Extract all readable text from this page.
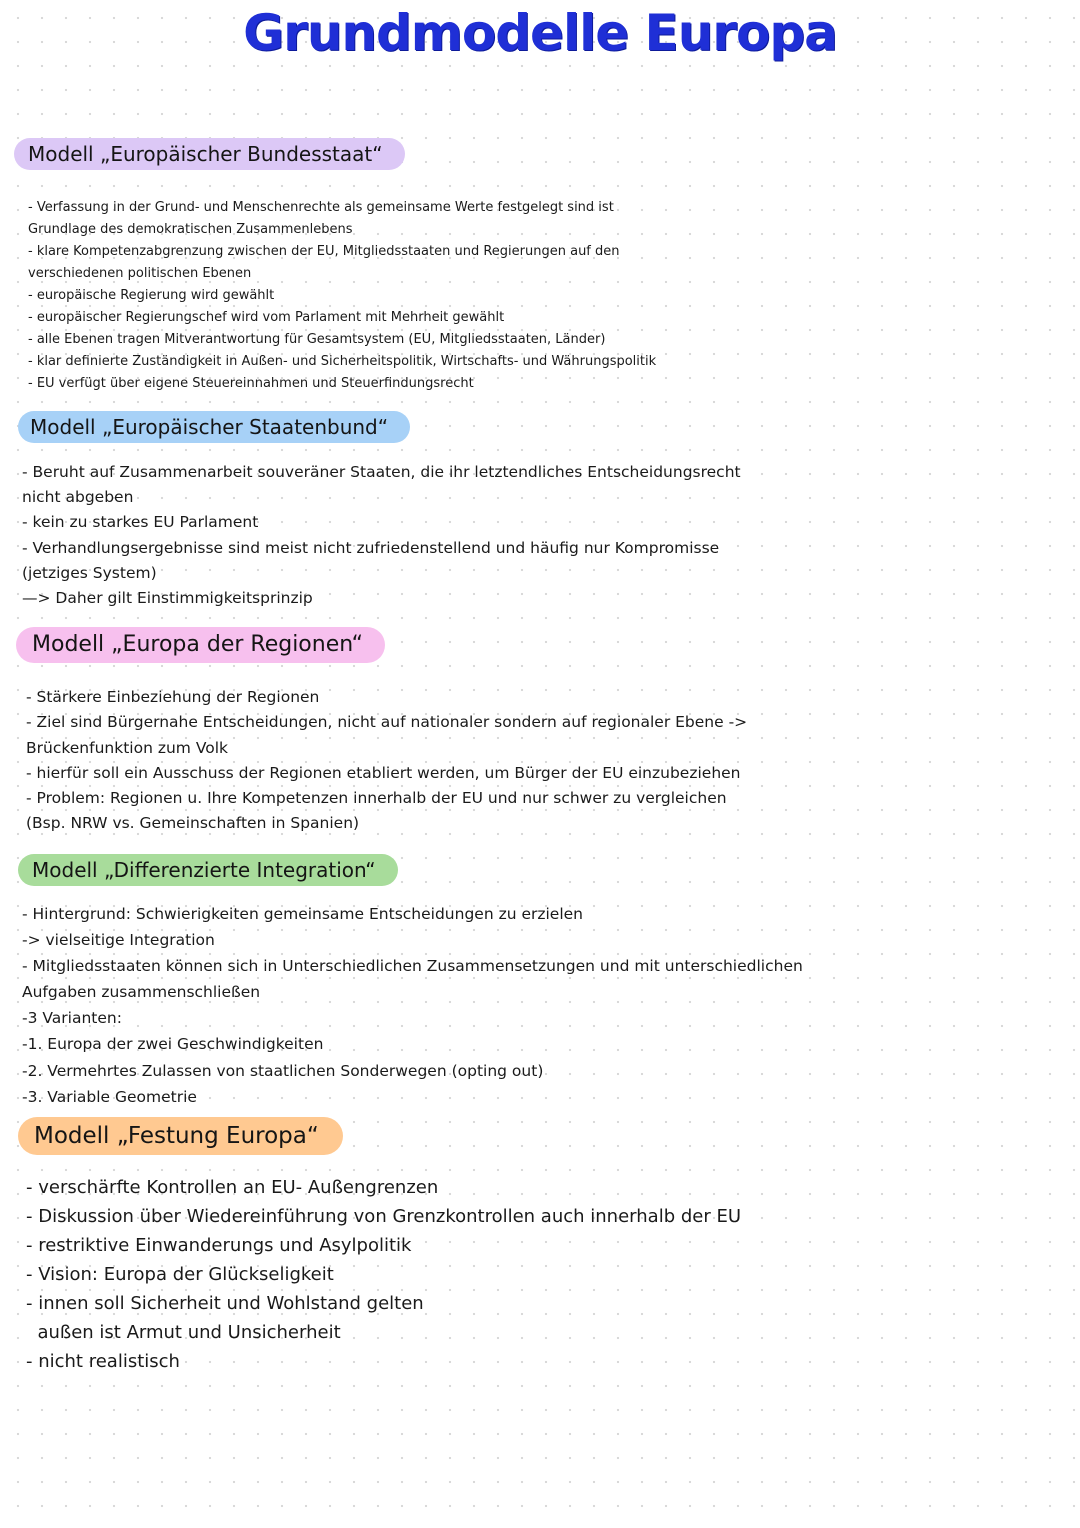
Grundmodelle Europa
Modell „Europäischer Bundesstaat“
- Verfassung in der Grund- und Menschenrechte als gemeinsame Werte festgelegt sind ist
Grundlage des demokratischen Zusammenlebens
- klare Kompetenzabgrenzung zwischen der EU, Mitgliedsstaaten und Regierungen auf den
verschiedenen politischen Ebenen
- europäische Regierung wird gewählt
- europäischer Regierungschef wird vom Parlament mit Mehrheit gewählt
- alle Ebenen tragen Mitverantwortung für Gesamtsystem (EU, Mitgliedsstaaten, Länder)
- klar definierte Zuständigkeit in Außen- und Sicherheitspolitik, Wirtschafts- und Währungspolitik
- EU verfügt über eigene Steuereinnahmen und Steuerfindungsrecht
Modell „Europäischer Staatenbund“
- Beruht auf Zusammenarbeit souveräner Staaten, die ihr letztendliches Entscheidungsrecht
nicht abgeben
- kein zu starkes EU Parlament
- Verhandlungsergebnisse sind meist nicht zufriedenstellend und häufig nur Kompromisse
(jetziges System)
—> Daher gilt Einstimmigkeitsprinzip
Modell „Europa der Regionen“
- Stärkere Einbeziehung der Regionen
- Ziel sind Bürgernahe Entscheidungen, nicht auf nationaler sondern auf regionaler Ebene ->
Brückenfunktion zum Volk
- hierfür soll ein Ausschuss der Regionen etabliert werden, um Bürger der EU einzubeziehen
- Problem: Regionen u. Ihre Kompetenzen innerhalb der EU und nur schwer zu vergleichen
(Bsp. NRW vs. Gemeinschaften in Spanien)
Modell „Differenzierte Integration“
- Hintergrund: Schwierigkeiten gemeinsame Entscheidungen zu erzielen
-> vielseitige Integration
- Mitgliedsstaaten können sich in Unterschiedlichen Zusammensetzungen und mit unterschiedlichen
Aufgaben zusammenschließen
-3 Varianten:
-1. Europa der zwei Geschwindigkeiten
-2. Vermehrtes Zulassen von staatlichen Sonderwegen (opting out)
-3. Variable Geometrie
Modell „Festung Europa“
- verschärfte Kontrollen an EU- Außengrenzen
- Diskussion über Wiedereinführung von Grenzkontrollen auch innerhalb der EU
- restriktive Einwanderungs und Asylpolitik
- Vision: Europa der Glückseligkeit
- innen soll Sicherheit und Wohlstand gelten
außen ist Armut und Unsicherheit
- nicht realistisch
